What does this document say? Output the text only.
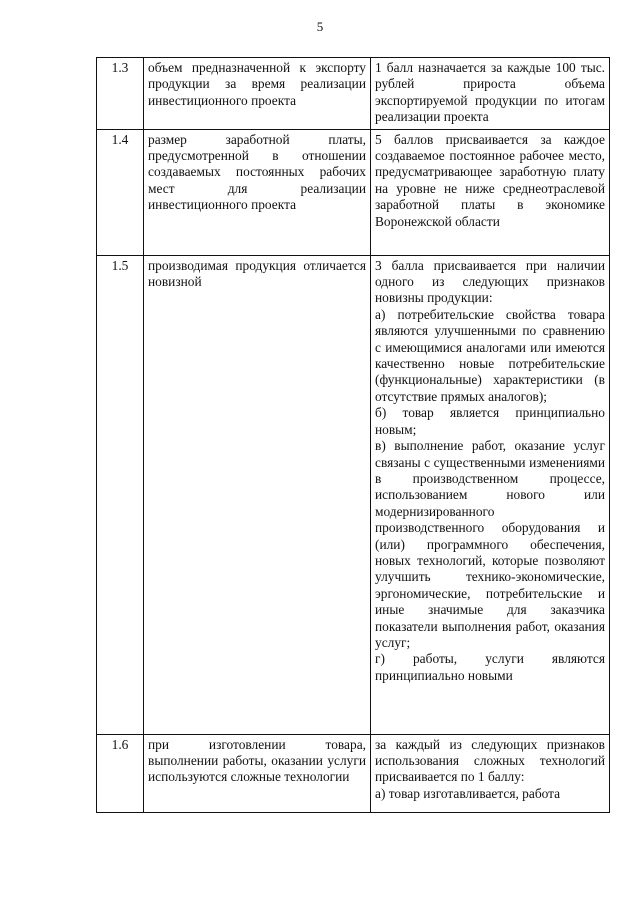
5
1.3	объем предназначенной к экспорту продукции за время реализации инвестиционного проекта	1 балл назначается за каждые 100 тыс. рублей прироста объема экспортируемой продукции по итогам реализации проекта
1.4	размер заработной платы, предусмотренной в отношении создаваемых постоянных рабочих мест для реализации инвестиционного проекта	5 баллов присваивается за каждое создаваемое постоянное рабочее место, предусматривающее заработную плату на уровне не ниже среднеотраслевой заработной платы в экономике Воронежской области
1.5	производимая продукция отличается новизной	3 балла присваивается при наличии одного из следующих признаков новизны продукции:
а) потребительские свойства товара являются улучшенными по сравнению с имеющимися аналогами или имеются качественно новые потребительские (функциональные) характеристики (в отсутствие прямых аналогов);
б) товар является принципиально новым;
в) выполнение работ, оказание услуг связаны с существенными изменениями в производственном процессе, использованием нового или модернизированного производственного оборудования и (или) программного обеспечения, новых технологий, которые позволяют улучшить технико-экономические, эргономические, потребительские и иные значимые для заказчика показатели выполнения работ, оказания услуг;
г) работы, услуги являются принципиально новыми

1.6	при изготовлении товара, выполнении работы, оказании услуги используются сложные технологии	за каждый из следующих признаков использования сложных технологий присваивается по 1 баллу:
а) товар изготавливается, работа
